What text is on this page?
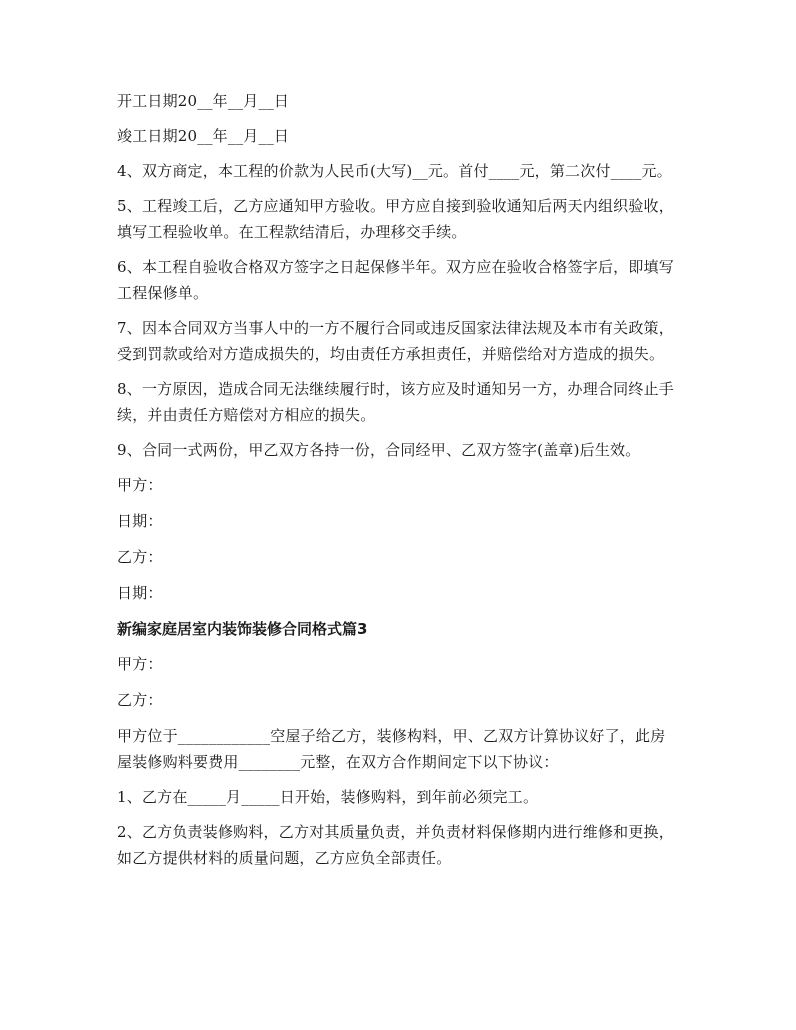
开工日期20__年__月__日

竣工日期20__年__月__日

4、双方商定，本工程的价款为人民币(大写)__元。首付____元，第二次付____元。

5、工程竣工后，乙方应通知甲方验收。甲方应自接到验收通知后两天内组织验收，填写工程验收单。在工程款结清后，办理移交手续。

6、本工程自验收合格双方签字之日起保修半年。双方应在验收合格签字后，即填写工程保修单。

7、因本合同双方当事人中的一方不履行合同或违反国家法律法规及本市有关政策，受到罚款或给对方造成损失的，均由责任方承担责任，并赔偿给对方造成的损失。

8、一方原因，造成合同无法继续履行时，该方应及时通知另一方，办理合同终止手续，并由责任方赔偿对方相应的损失。

9、合同一式两份，甲乙双方各持一份，合同经甲、乙双方签字(盖章)后生效。

甲方：

日期：

乙方：

日期：

新编家庭居室内装饰装修合同格式篇3

甲方：

乙方：

甲方位于____________空屋子给乙方，装修构料，甲、乙双方计算协议好了，此房屋装修购料要费用________元整，在双方合作期间定下以下协议：

1、乙方在_____月_____日开始，装修购料，到年前必须完工。

2、乙方负责装修购料，乙方对其质量负责，并负责材料保修期内进行维修和更换，如乙方提供材料的质量问题，乙方应负全部责任。
